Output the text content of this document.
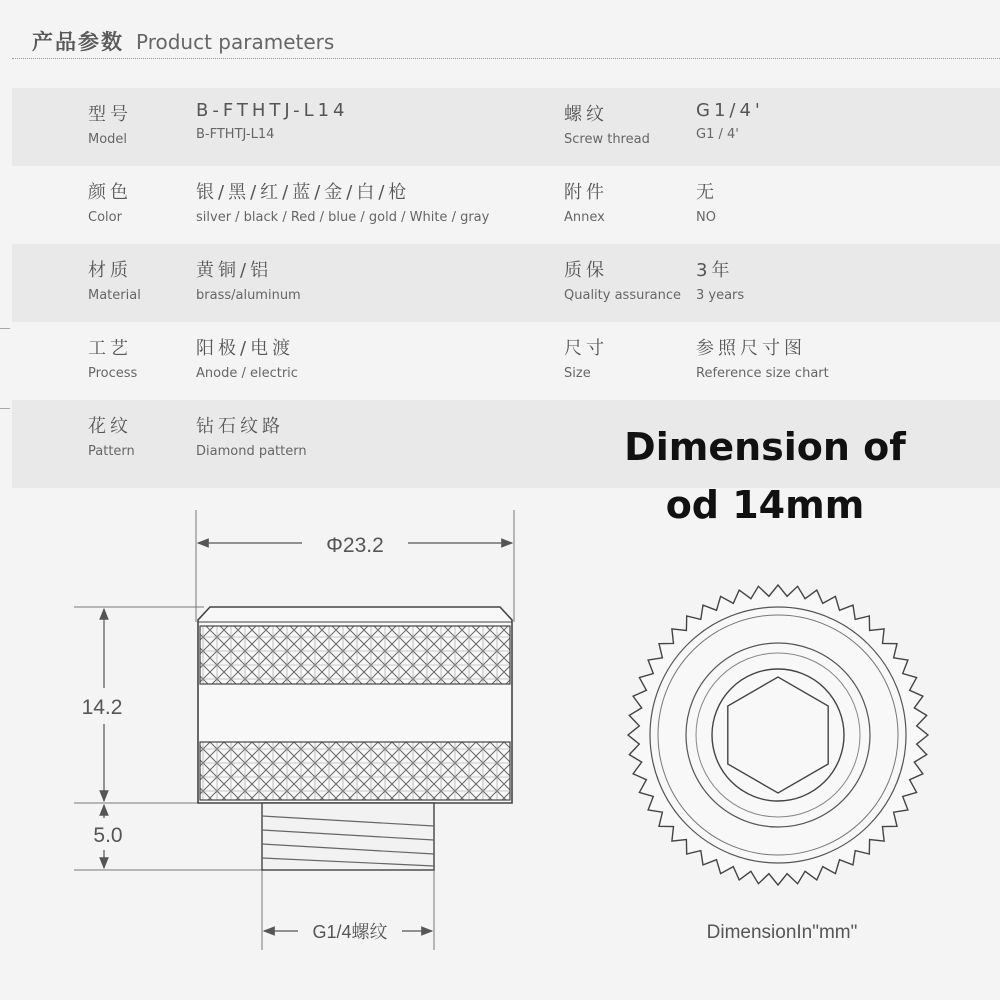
产品参数 Product parameters
型号
Model
B-FTHTJ-L14
B-FTHTJ-L14
螺纹
Screw thread
G1/4'
G1 / 4'
颜色
Color
银/黑/红/蓝/金/白/枪
silver / black / Red / blue / gold / White / gray
附件
Annex
无
NO
材质
Material
黄铜/铝
brass/aluminum
质保
Quality assurance
3年
3 years
工艺
Process
阳极/电渡
Anode / electric
尺寸
Size
参照尺寸图
Reference size chart
花纹
Pattern
钻石纹路
Diamond pattern
Φ23.2
14.2
5.0
G1/4螺纹	DimensionIn"mm"
Dimension of
od 14mm
